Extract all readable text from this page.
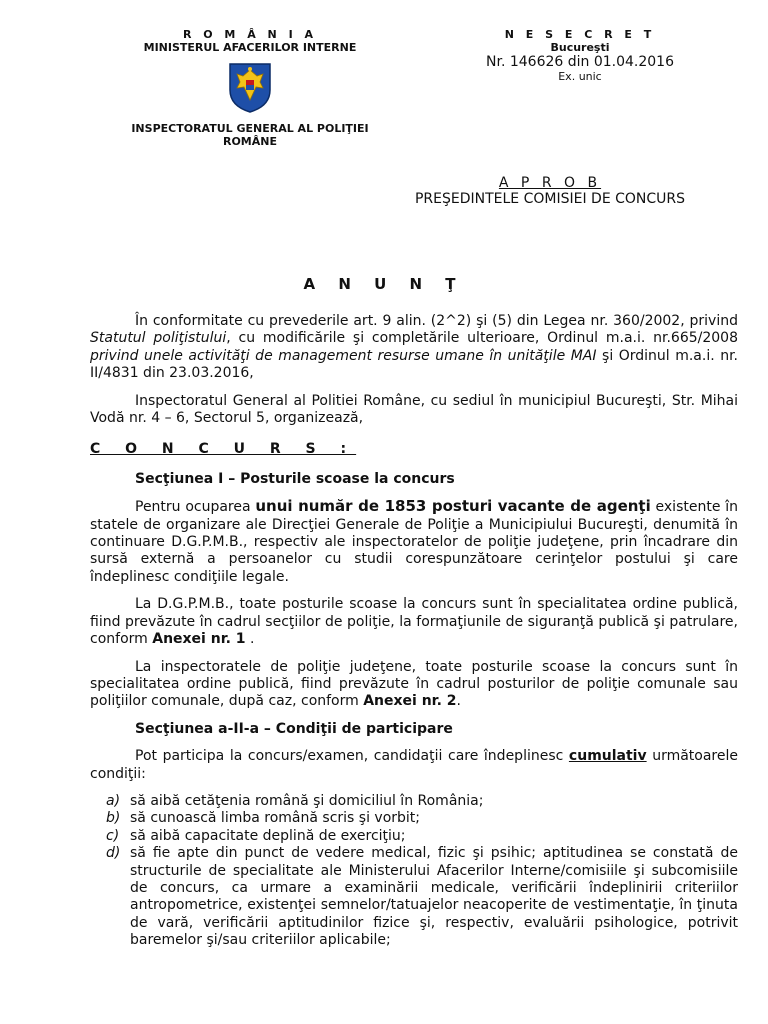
R O M Â N I A
MINISTERUL AFACERILOR INTERNE
INSPECTORATUL GENERAL AL POLIŢIEI
ROMÂNE
N E S E C R E T
Bucureşti
Nr. 146626 din 01.04.2016
Ex. unic
A P R O B
PREŞEDINTELE COMISIEI DE CONCURS
A N U N Ţ

În conformitate cu prevederile art. 9 alin. (2^2) şi (5) din Legea nr. 360/2002, privind Statutul poliţistului, cu modificările şi completările ulterioare, Ordinul m.a.i. nr.665/2008 privind unele activităţi de management resurse umane în unităţile MAI şi Ordinul m.a.i. nr. II/4831 din 23.03.2016,

Inspectoratul General al Politiei Române, cu sediul în municipiul Bucureşti, Str. Mihai Vodă nr. 4 – 6, Sectorul 5, organizează,

C O N C U R S :

Secţiunea I – Posturile scoase la concurs

Pentru ocuparea unui număr de 1853 posturi vacante de agenţi existente în statele de organizare ale Direcţiei Generale de Poliţie a Municipiului Bucureşti, denumită în continuare D.G.P.M.B., respectiv ale inspectoratelor de poliţie judeţene, prin încadrare din sursă externă a persoanelor cu studii corespunzătoare cerinţelor postului şi care îndeplinesc condiţiile legale.

La D.G.P.M.B., toate posturile scoase la concurs sunt în specialitatea ordine publică, fiind prevăzute în cadrul secţiilor de poliţie, la formaţiunile de siguranţă publică şi patrulare, conform Anexei nr. 1 .

La inspectoratele de poliţie judeţene, toate posturile scoase la concurs sunt în specialitatea ordine publică, fiind prevăzute în cadrul posturilor de poliţie comunale sau poliţiilor comunale, după caz, conform Anexei nr. 2.

Secţiunea a-II-a – Condiţii de participare

Pot participa la concurs/examen, candidaţii care îndeplinesc cumulativ următoarele condiţii:

a) să aibă cetăţenia română şi domiciliul în România;
b) să cunoască limba română scris şi vorbit;
c) să aibă capacitate deplină de exerciţiu;
d) să fie apte din punct de vedere medical, fizic şi psihic; aptitudinea se constată de structurile de specialitate ale Ministerului Afacerilor Interne/comisiile şi subcomisiile de concurs, ca urmare a examinării medicale, verificării îndeplinirii criteriilor antropometrice, existenţei semnelor/tatuajelor neacoperite de vestimentaţie, în ţinuta de vară, verificării aptitudinilor fizice şi, respectiv, evaluării psihologice, potrivit baremelor şi/sau criteriilor aplicabile;
